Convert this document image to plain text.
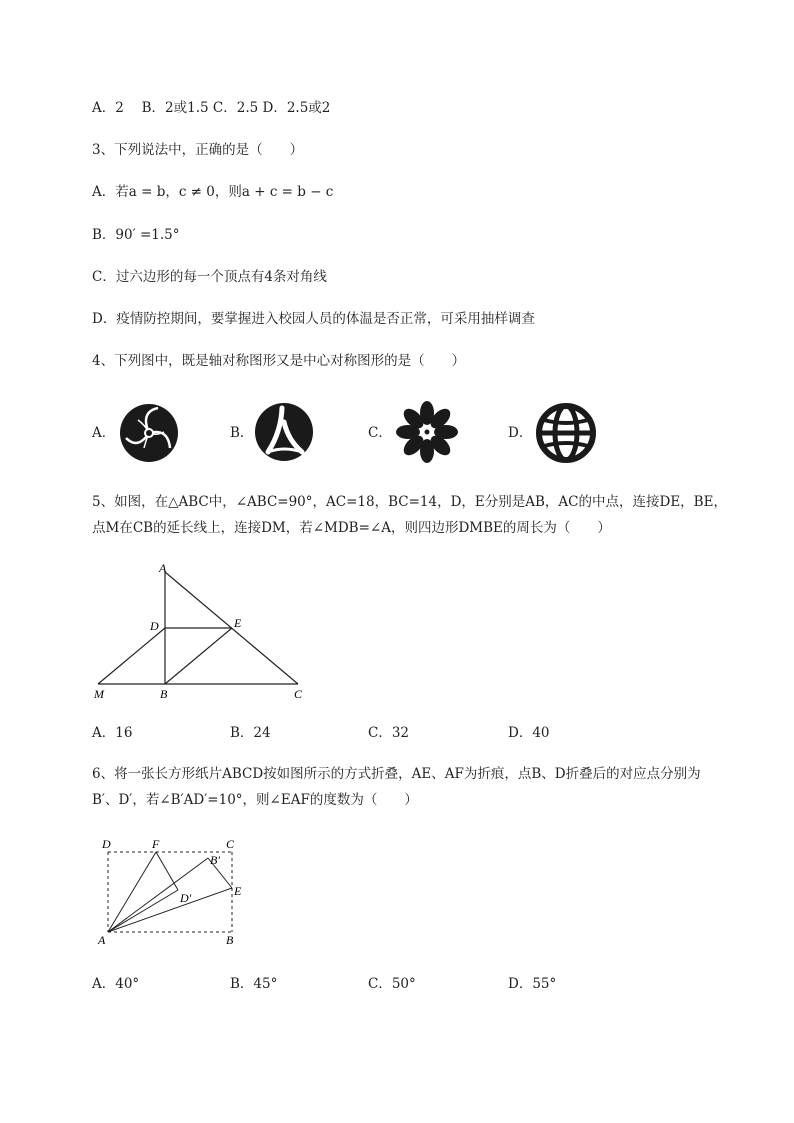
A．2　 B．2或1.5 C．2.5 D．2.5或2
3、下列说法中，正确的是（　　）
A．若a = b，c ≠ 0，则a + c = b − c
B．90′ =1.5°
C．过六边形的每一个顶点有4条对角线
D．疫情防控期间，要掌握进入校园人员的体温是否正常，可采用抽样调查
4、下列图中，既是轴对称图形又是中心对称图形的是（　　）
A．	B．	C．	D．
5、如图，在△ABC中，∠ABC=90°，AC=18，BC=14，D，E分别是AB，AC的中点，连接DE，BE，
点M在CB的延长线上，连接DM，若∠MDB=∠A，则四边形DMBE的周长为（　　）
A
D	E
M	B	C
A．16	B．24	C．32	D．40
6、将一张长方形纸片ABCD按如图所示的方式折叠，AE、AF为折痕，点B、D折叠后的对应点分别为
B′、D′，若∠B′AD′=10°，则∠EAF的度数为（　　）
D	F	C
B′
D′	E
A	B
A．40°	B．45°	C．50°	D．55°
